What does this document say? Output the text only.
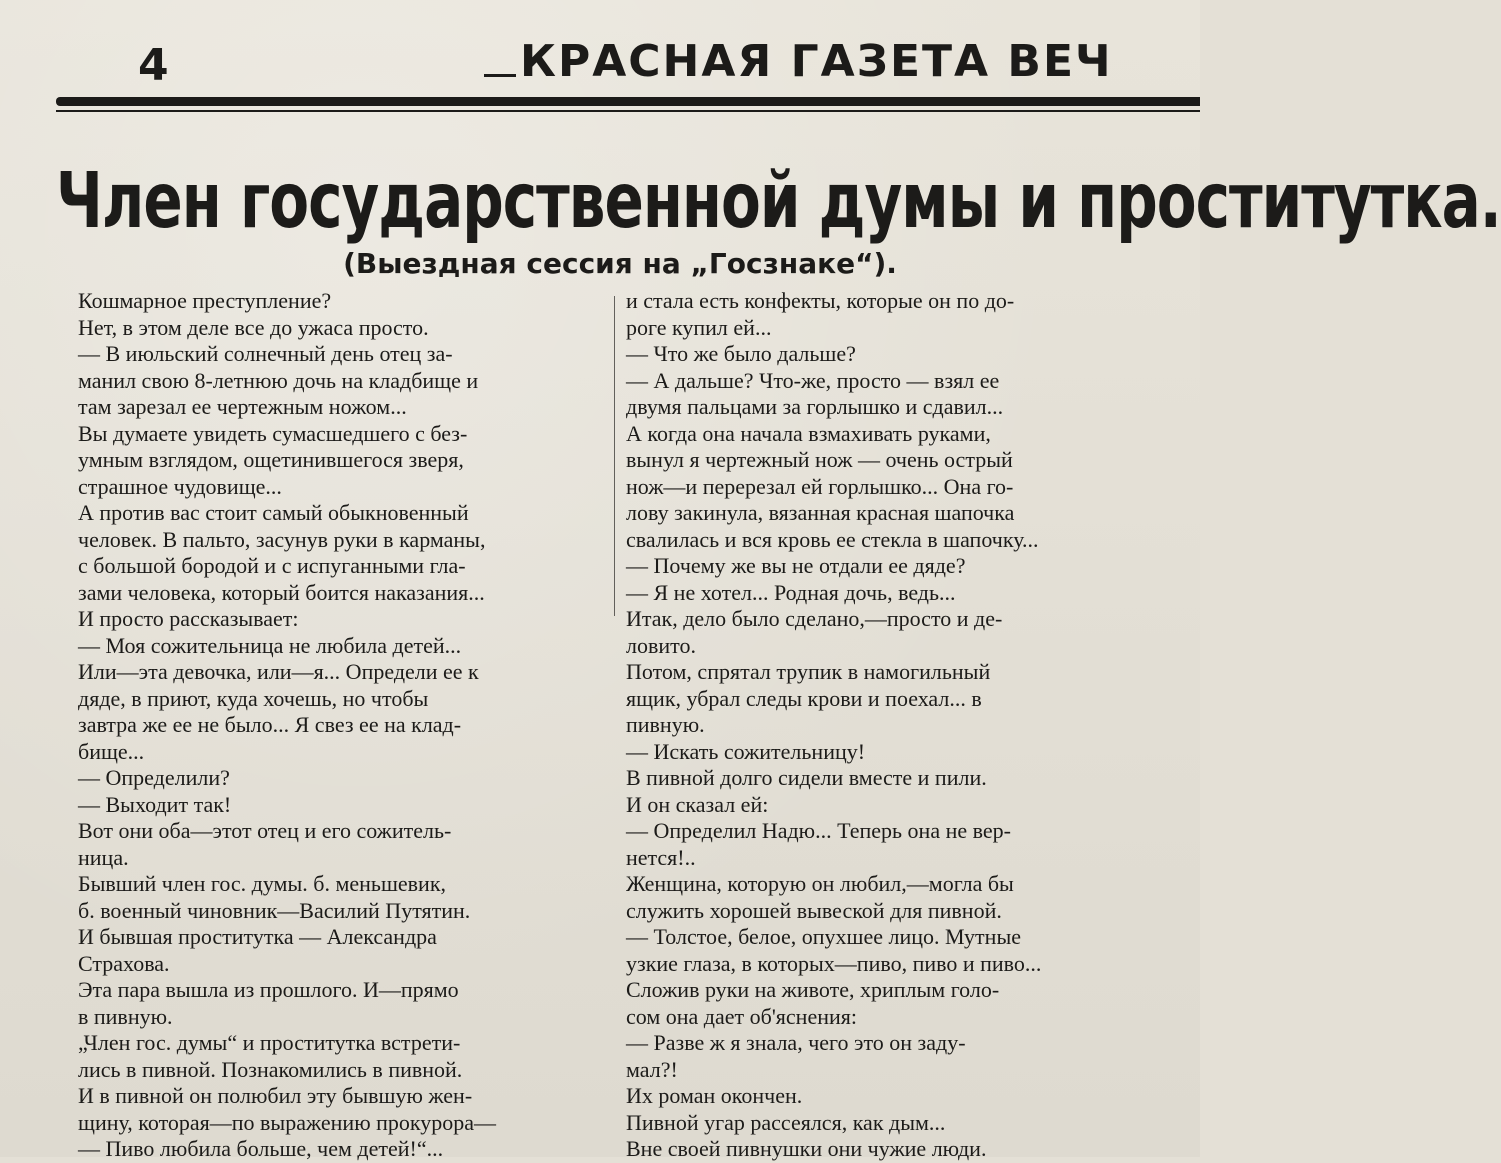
4	КРАСНАЯ ГАЗЕТА ВЕЧ
Член государственной думы и проститутка.
(Выездная сессия на „Госзнаке“).

Кошмарное преступление?

Нет, в этом деле все до ужаса просто.

— В июльский солнечный день отец за-

манил свою 8-летнюю дочь на кладбище и

там зарезал ее чертежным ножом...

Вы думаете увидеть сумасшедшего с без-

умным взглядом, ощетинившегося зверя,

страшное чудовище...

А против вас стоит самый обыкновенный

человек. В пальто, засунув руки в карманы,

с большой бородой и с испуганными гла-

зами человека, который боится наказания...

И просто рассказывает:

— Моя сожительница не любила детей...

Или—эта девочка, или—я... Определи ее к

дяде, в приют, куда хочешь, но чтобы

завтра же ее не было... Я свез ее на клад-

бище...

— Определили?

— Выходит так!

Вот они оба—этот отец и его сожитель-

ница.

Бывший член гос. думы. б. меньшевик,

б. военный чиновник—Василий Путятин.

И бывшая проститутка — Александра

Страхова.

Эта пара вышла из прошлого. И—прямо

в пивную.

„Член гос. думы“ и проститутка встрети-

лись в пивной. Познакомились в пивной.

И в пивной он полюбил эту бывшую жен-

щину, которая—по выражению прокурора—

— Пиво любила больше, чем детей!“...

и стала есть конфекты, которые он по до-

роге купил ей...

— Что же было дальше?

— А дальше? Что-же, просто — взял ее

двумя пальцами за горлышко и сдавил...

А когда она начала взмахивать руками,

вынул я чертежный нож — очень острый

нож—и перерезал ей горлышко... Она го-

лову закинула, вязанная красная шапочка

свалилась и вся кровь ее стекла в шапочку...

— Почему же вы не отдали ее дяде?

— Я не хотел... Родная дочь, ведь...

Итак, дело было сделано,—просто и де-

ловито.

Потом, спрятал трупик в намогильный

ящик, убрал следы крови и поехал... в

пивную.

— Искать сожительницу!

В пивной долго сидели вместе и пили.

И он сказал ей:

— Определил Надю... Теперь она не вер-

нется!..

Женщина, которую он любил,—могла бы

служить хорошей вывеской для пивной.

— Толстое, белое, опухшее лицо. Мутные

узкие глаза, в которых—пиво, пиво и пиво...

Сложив руки на животе, хриплым голо-

сом она дает об'яснения:

— Разве ж я знала, чего это он заду-

мал?!

Их роман окончен.

Пивной угар рассеялся, как дым...

Вне своей пивнушки они чужие люди.
